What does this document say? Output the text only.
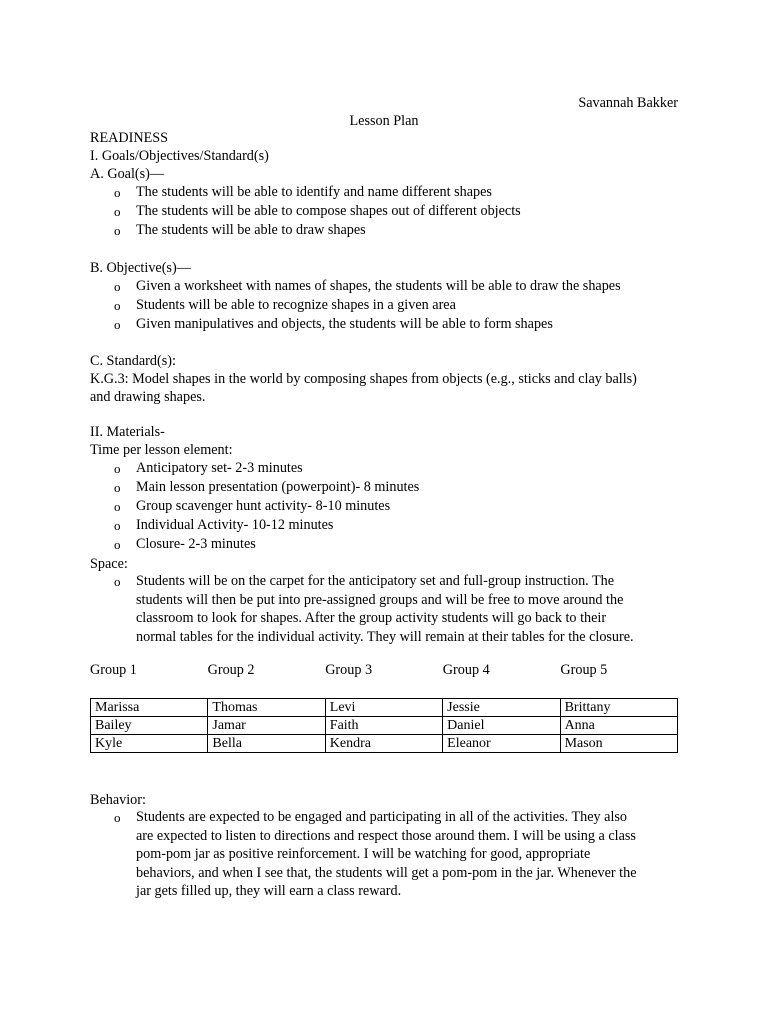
Savannah Bakker
Lesson Plan
READINESS
I. Goals/Objectives/Standard(s)
A. Goal(s)—
o The students will be able to identify and name different shapes
o The students will be able to compose shapes out of different objects
o The students will be able to draw shapes
B. Objective(s)—
o Given a worksheet with names of shapes, the students will be able to draw the shapes
o Students will be able to recognize shapes in a given area
o Given manipulatives and objects, the students will be able to form shapes
C. Standard(s):
K.G.3: Model shapes in the world by composing shapes from objects (e.g., sticks and clay balls)
and drawing shapes.
II. Materials-
Time per lesson element:
o Anticipatory set- 2-3 minutes
o Main lesson presentation (powerpoint)- 8 minutes
o Group scavenger hunt activity- 8-10 minutes
o Individual Activity- 10-12 minutes
o Closure- 2-3 minutes
Space:
o Students will be on the carpet for the anticipatory set and full-group instruction. The
students will then be put into pre-assigned groups and will be free to move around the
classroom to look for shapes. After the group activity students will go back to their
normal tables for the individual activity. They will remain at their tables for the closure.
Group 1	Group 2	Group 3	Group 4	Group 5
Marissa	Thomas	Levi	Jessie	Brittany
Bailey	Jamar	Faith	Daniel	Anna
Kyle	Bella	Kendra	Eleanor	Mason
Behavior:
o Students are expected to be engaged and participating in all of the activities. They also
are expected to listen to directions and respect those around them. I will be using a class
pom-pom jar as positive reinforcement. I will be watching for good, appropriate
behaviors, and when I see that, the students will get a pom-pom in the jar. Whenever the
jar gets filled up, they will earn a class reward.
